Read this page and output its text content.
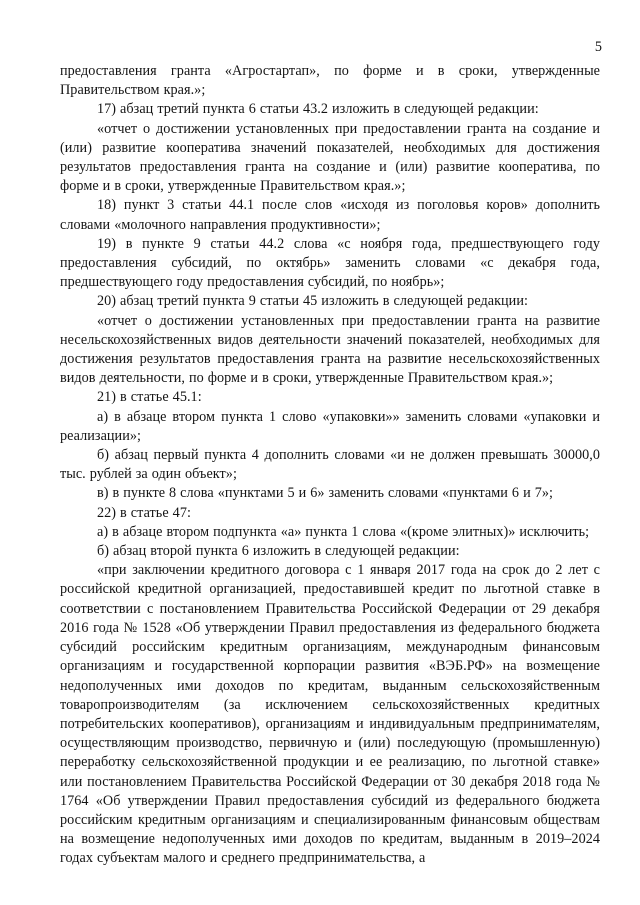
5

предоставления гранта «Агростартап», по форме и в сроки, утвержденные Правительством края.»;

17) абзац третий пункта 6 статьи 43.2 изложить в следующей редакции:

«отчет о достижении установленных при предоставлении гранта на создание и (или) развитие кооператива значений показателей, необходимых для достижения результатов предоставления гранта на создание и (или) развитие кооператива, по форме и в сроки, утвержденные Правительством края.»;

18) пункт 3 статьи 44.1 после слов «исходя из поголовья коров» дополнить словами «молочного направления продуктивности»;

19) в пункте 9 статьи 44.2 слова «с ноября года, предшествующего году предоставления субсидий, по октябрь» заменить словами «с декабря года, предшествующего году предоставления субсидий, по ноябрь»;

20) абзац третий пункта 9 статьи 45 изложить в следующей редакции:

«отчет о достижении установленных при предоставлении гранта на развитие несельскохозяйственных видов деятельности значений показателей, необходимых для достижения результатов предоставления гранта на развитие несельскохозяйственных видов деятельности, по форме и в сроки, утвержденные Правительством края.»;

21) в статье 45.1:

а) в абзаце втором пункта 1 слово «упаковки»» заменить словами «упаковки и реализации»;

б) абзац первый пункта 4 дополнить словами «и не должен превышать 30000,0 тыс. рублей за один объект»;

в) в пункте 8 слова «пунктами 5 и 6» заменить словами «пунктами 6 и 7»;

22) в статье 47:

а) в абзаце втором подпункта «а» пункта 1 слова «(кроме элитных)» исключить;

б) абзац второй пункта 6 изложить в следующей редакции:

«при заключении кредитного договора с 1 января 2017 года на срок до 2 лет с российской кредитной организацией, предоставившей кредит по льготной ставке в соответствии с постановлением Правительства Российской Федерации от 29 декабря 2016 года № 1528 «Об утверждении Правил предоставления из федерального бюджета субсидий российским кредитным организациям, международным финансовым организациям и государственной корпорации развития «ВЭБ.РФ» на возмещение недополученных ими доходов по кредитам, выданным сельскохозяйственным товаропроизводителям (за исключением сельскохозяйственных кредитных потребительских кооперативов), организациям и индивидуальным предпринимателям, осуществляющим производство, первичную и (или) последующую (промышленную) переработку сельскохозяйственной продукции и ее реализацию, по льготной ставке» или постановлением Правительства Российской Федерации от 30 декабря 2018 года № 1764 «Об утверждении Правил предоставления субсидий из федерального бюджета российским кредитным организациям и специализированным финансовым обществам на возмещение недополученных ими доходов по кредитам, выданным в 2019–2024 годах субъектам малого и среднего предпринимательства, а
